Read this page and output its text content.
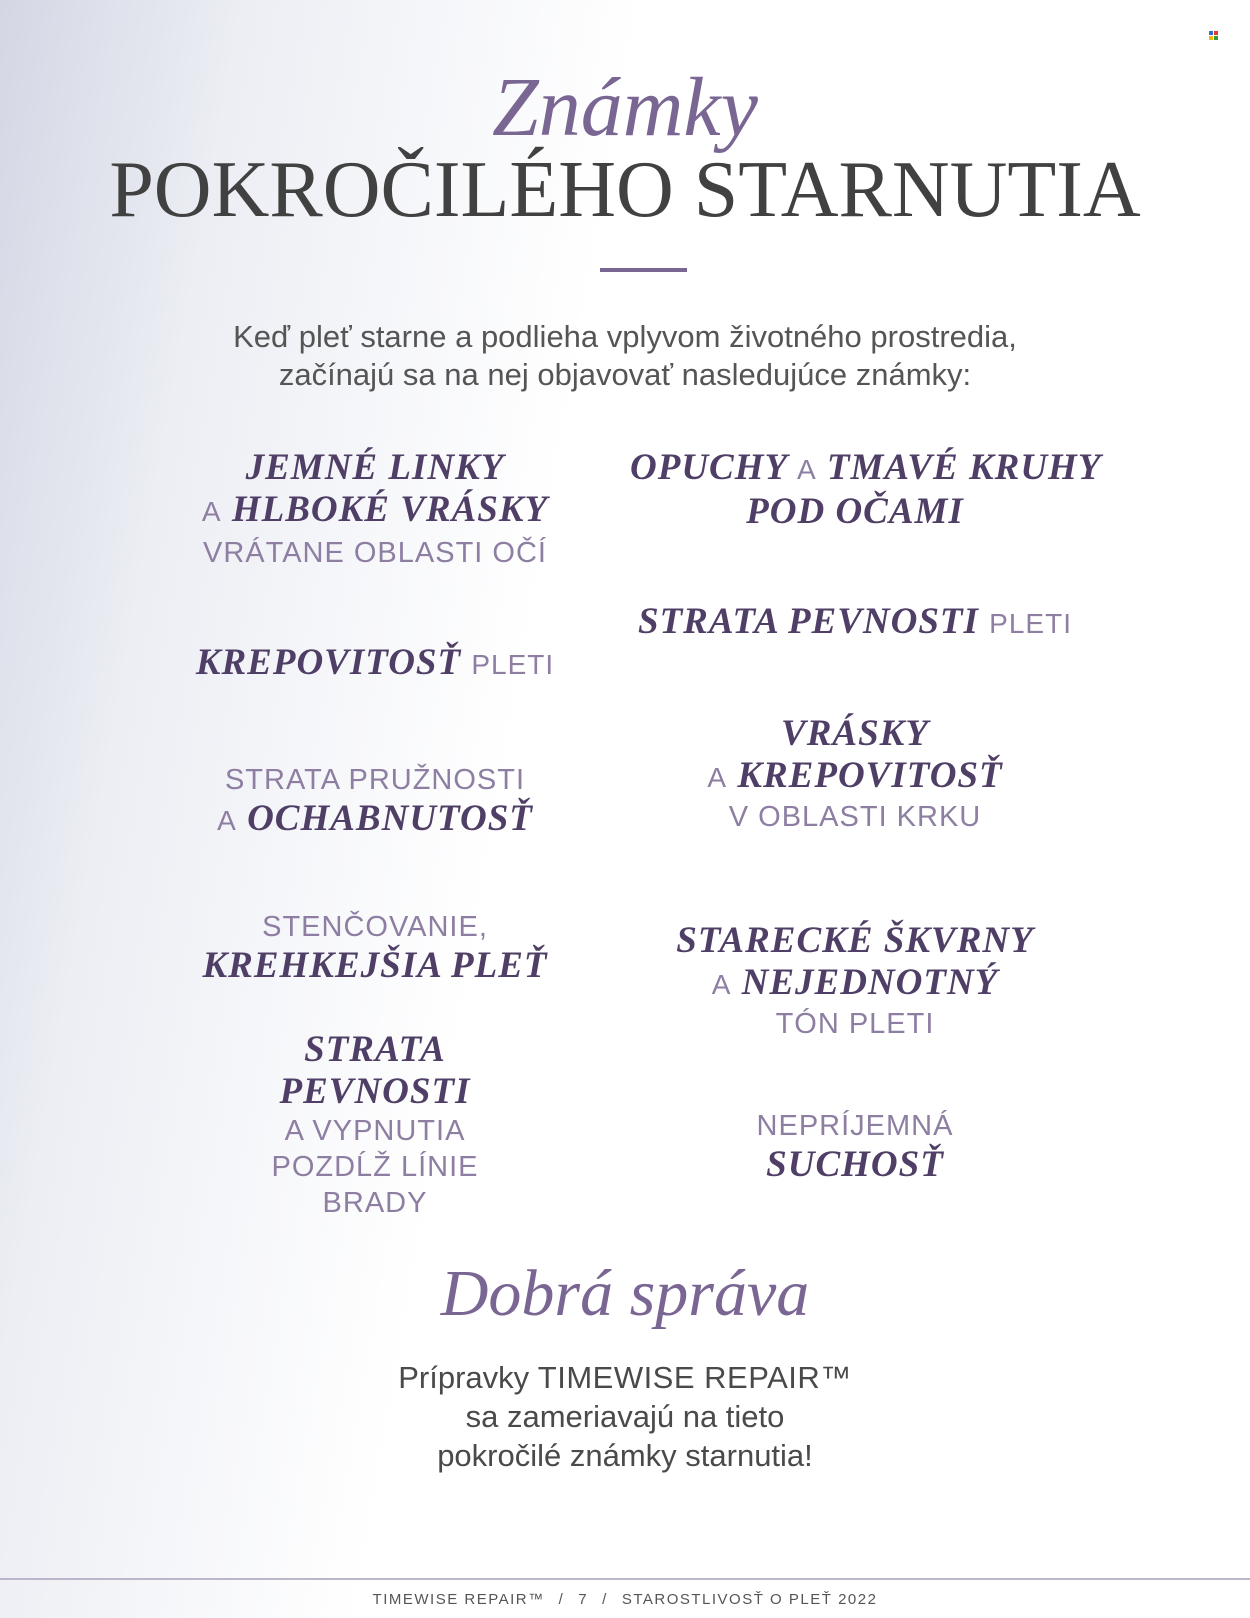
Známky
POKROČILÉHO STARNUTIA
Keď pleť starne a podlieha vplyvom životného prostredia,
začínajú sa na nej objavovať nasledujúce známky:
JEMNÉ LINKY
A HLBOKÉ VRÁSKY
VRÁTANE OBLASTI OČÍ
OPUCHY A TMAVÉ KRUHY
POD OČAMI
STRATA PEVNOSTI PLETI
KREPOVITOSŤ PLETI
VRÁSKY
A KREPOVITOSŤ
V OBLASTI KRKU
STRATA PRUŽNOSTI
A OCHABNUTOSŤ
STENČOVANIE,
KREHKEJŠIA PLEŤ
STARECKÉ ŠKVRNY
A NEJEDNOTNÝ
TÓN PLETI
STRATA
PEVNOSTI
A VYPNUTIA
POZDĹŽ LÍNIE
BRADY
NEPRÍJEMNÁ
SUCHOSŤ
Dobrá správa
Prípravky TIMEWISE REPAIR™
sa zameriavajú na tieto
pokročilé známky starnutia!
TIMEWISE REPAIR™ / 7 / STAROSTLIVOSŤ O PLEŤ 2022
